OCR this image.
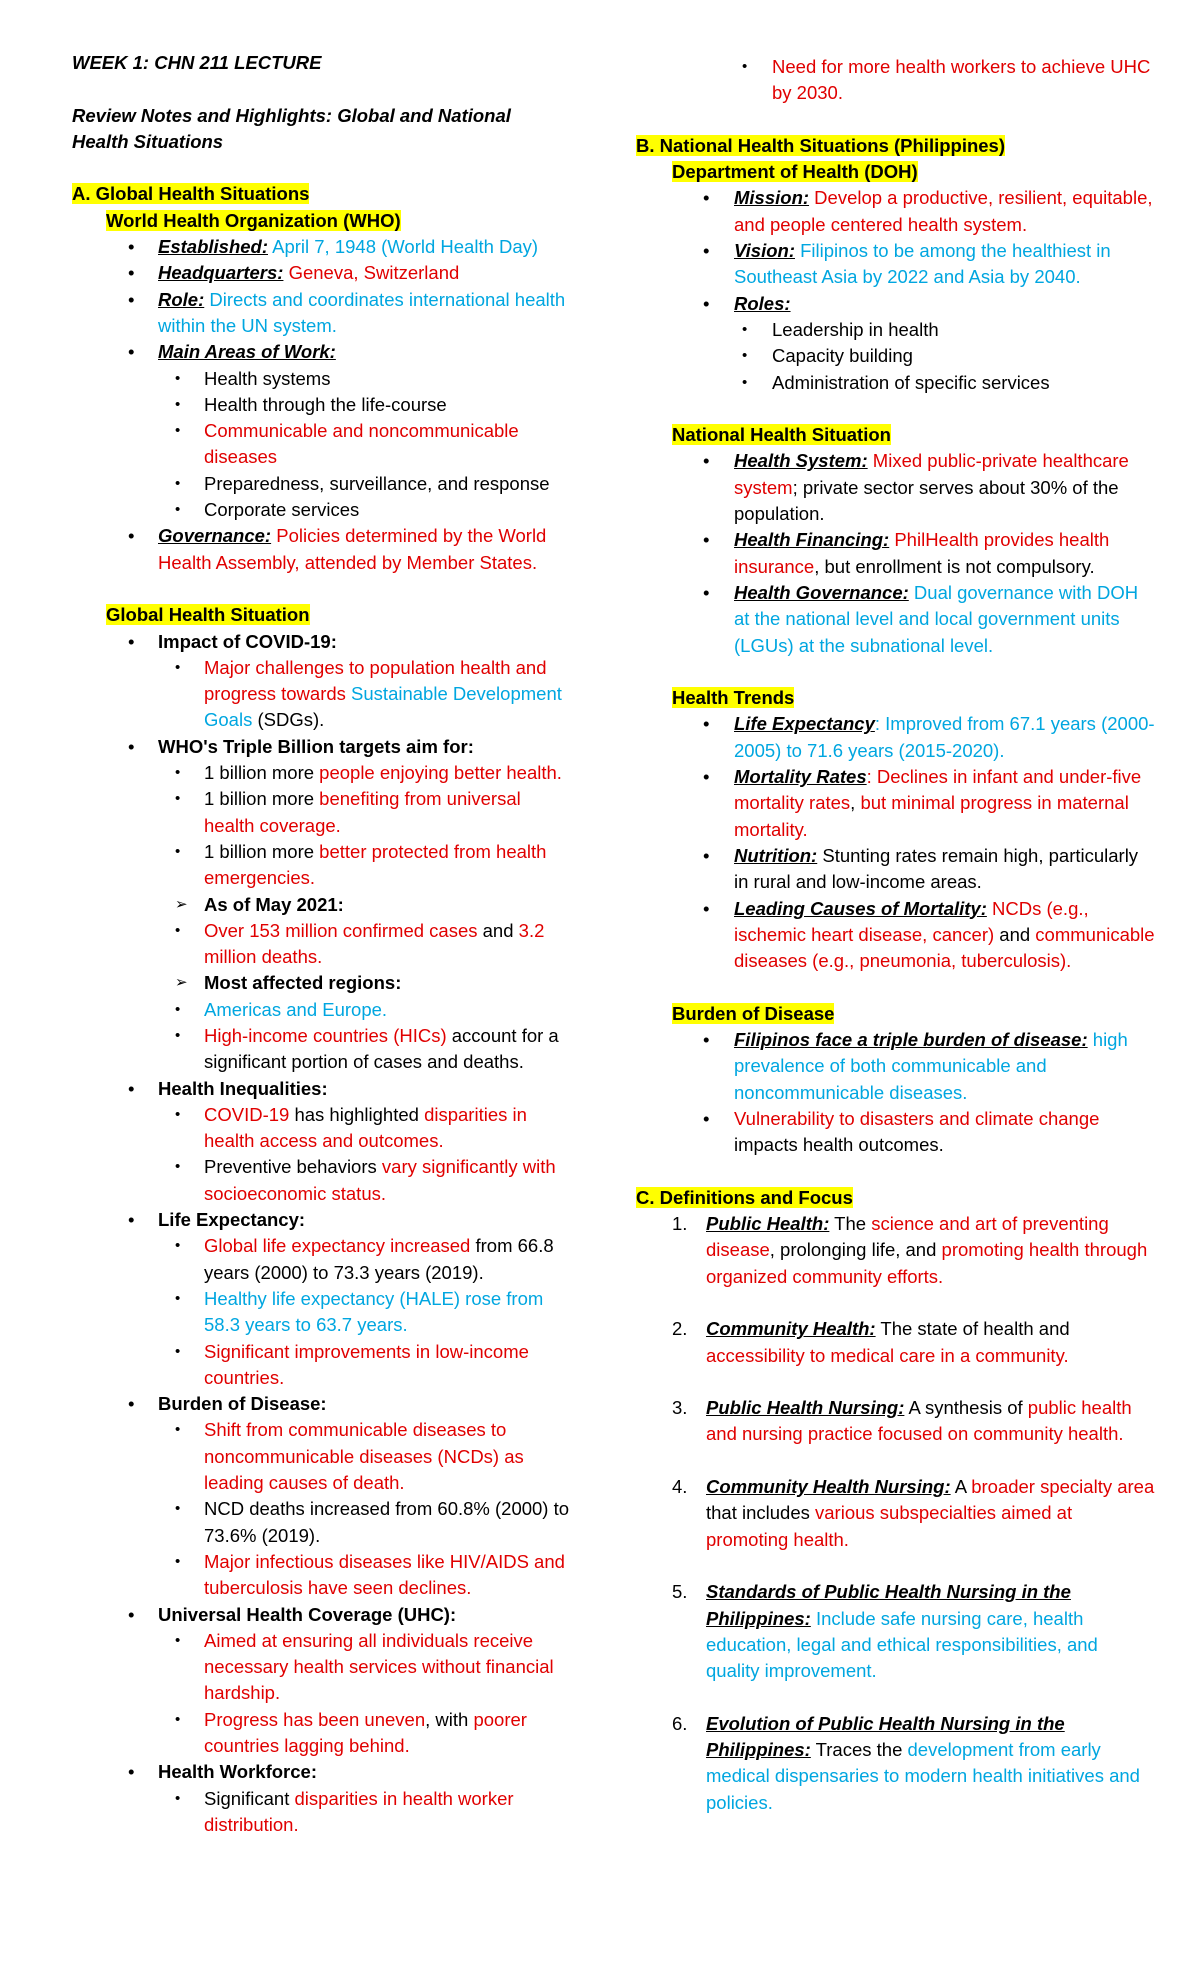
WEEK 1: CHN 211 LECTURE

Review Notes and Highlights: Global and National Health Situations

A. Global Health Situations

World Health Organization (WHO)

• Established: April 7, 1948 (World Health Day)
• Headquarters: Geneva, Switzerland
• Role: Directs and coordinates international health within the UN system.
• Main Areas of Work:
• Health systems
• Health through the life-course
• Communicable and noncommunicable diseases
• Preparedness, surveillance, and response
• Corporate services
• Governance: Policies determined by the World Health Assembly, attended by Member States.

Global Health Situation

• Impact of COVID-19:
• Major challenges to population health and progress towards Sustainable Development Goals (SDGs).
• WHO's Triple Billion targets aim for:
• 1 billion more people enjoying better health.
• 1 billion more benefiting from universal health coverage.
• 1 billion more better protected from health emergencies.
➢ As of May 2021:
• Over 153 million confirmed cases and 3.2 million deaths.
➢ Most affected regions:
• Americas and Europe.
• High-income countries (HICs) account for a significant portion of cases and deaths.
• Health Inequalities:
• COVID-19 has highlighted disparities in health access and outcomes.
• Preventive behaviors vary significantly with socioeconomic status.
• Life Expectancy:
• Global life expectancy increased from 66.8 years (2000) to 73.3 years (2019).
• Healthy life expectancy (HALE) rose from 58.3 years to 63.7 years.
• Significant improvements in low-income countries.
• Burden of Disease:
• Shift from communicable diseases to noncommunicable diseases (NCDs) as leading causes of death.
• NCD deaths increased from 60.8% (2000) to 73.6% (2019).
• Major infectious diseases like HIV/AIDS and tuberculosis have seen declines.
• Universal Health Coverage (UHC):
• Aimed at ensuring all individuals receive necessary health services without financial hardship.
• Progress has been uneven, with poorer countries lagging behind.
• Health Workforce:
• Significant disparities in health worker distribution.
• Need for more health workers to achieve UHC by 2030.

B. National Health Situations (Philippines)

Department of Health (DOH)

• Mission: Develop a productive, resilient, equitable, and people centered health system.
• Vision: Filipinos to be among the healthiest in Southeast Asia by 2022 and Asia by 2040.
• Roles:
• Leadership in health
• Capacity building
• Administration of specific services

National Health Situation

• Health System: Mixed public-private healthcare system; private sector serves about 30% of the population.
• Health Financing: PhilHealth provides health insurance, but enrollment is not compulsory.
• Health Governance: Dual governance with DOH at the national level and local government units (LGUs) at the subnational level.

Health Trends

• Life Expectancy: Improved from 67.1 years (2000-2005) to 71.6 years (2015-2020).
• Mortality Rates: Declines in infant and under-five mortality rates, but minimal progress in maternal mortality.
• Nutrition: Stunting rates remain high, particularly in rural and low-income areas.
• Leading Causes of Mortality: NCDs (e.g., ischemic heart disease, cancer) and communicable diseases (e.g., pneumonia, tuberculosis).

Burden of Disease

• Filipinos face a triple burden of disease: high prevalence of both communicable and noncommunicable diseases.
• Vulnerability to disasters and climate change impacts health outcomes.

C. Definitions and Focus

1. Public Health: The science and art of preventing disease, prolonging life, and promoting health through organized community efforts.
2. Community Health: The state of health and accessibility to medical care in a community.
3. Public Health Nursing: A synthesis of public health and nursing practice focused on community health.
4. Community Health Nursing: A broader specialty area that includes various subspecialties aimed at promoting health.
5. Standards of Public Health Nursing in the Philippines: Include safe nursing care, health education, legal and ethical responsibilities, and quality improvement.
6. Evolution of Public Health Nursing in the Philippines: Traces the development from early medical dispensaries to modern health initiatives and policies.
